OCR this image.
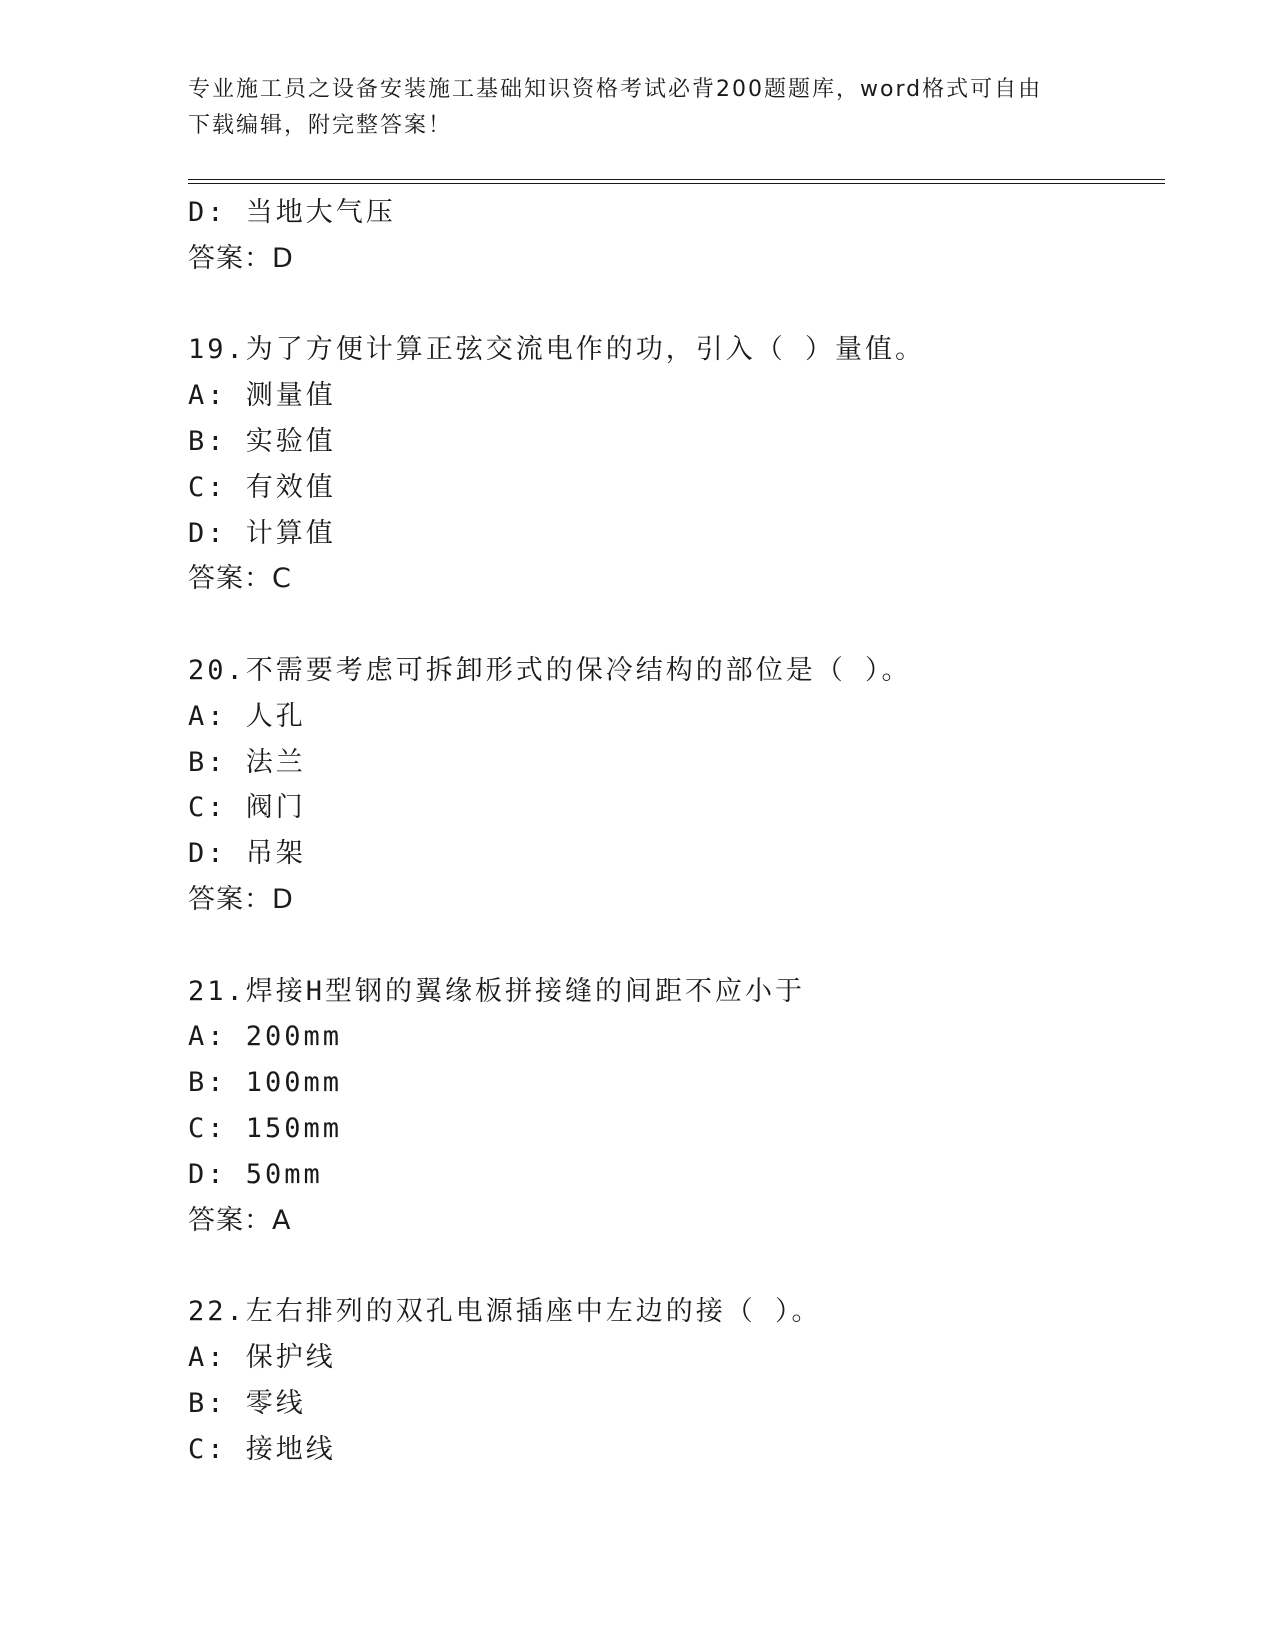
专业施工员之设备安装施工基础知识资格考试必背200题题库，word格式可自由
下载编辑，附完整答案！
D: 当地大气压
答案：D
19.为了方便计算正弦交流电作的功，引入（ ）量值。
A: 测量值
B: 实验值
C: 有效值
D: 计算值
答案：C
20.不需要考虑可拆卸形式的保冷结构的部位是（ ）。
A: 人孔
B: 法兰
C: 阀门
D: 吊架
答案：D
21.焊接H型钢的翼缘板拼接缝的间距不应小于
A: 200mm
B: 100mm
C: 150mm
D: 50mm
答案：A
22.左右排列的双孔电源插座中左边的接（ ）。
A: 保护线
B: 零线
C: 接地线
